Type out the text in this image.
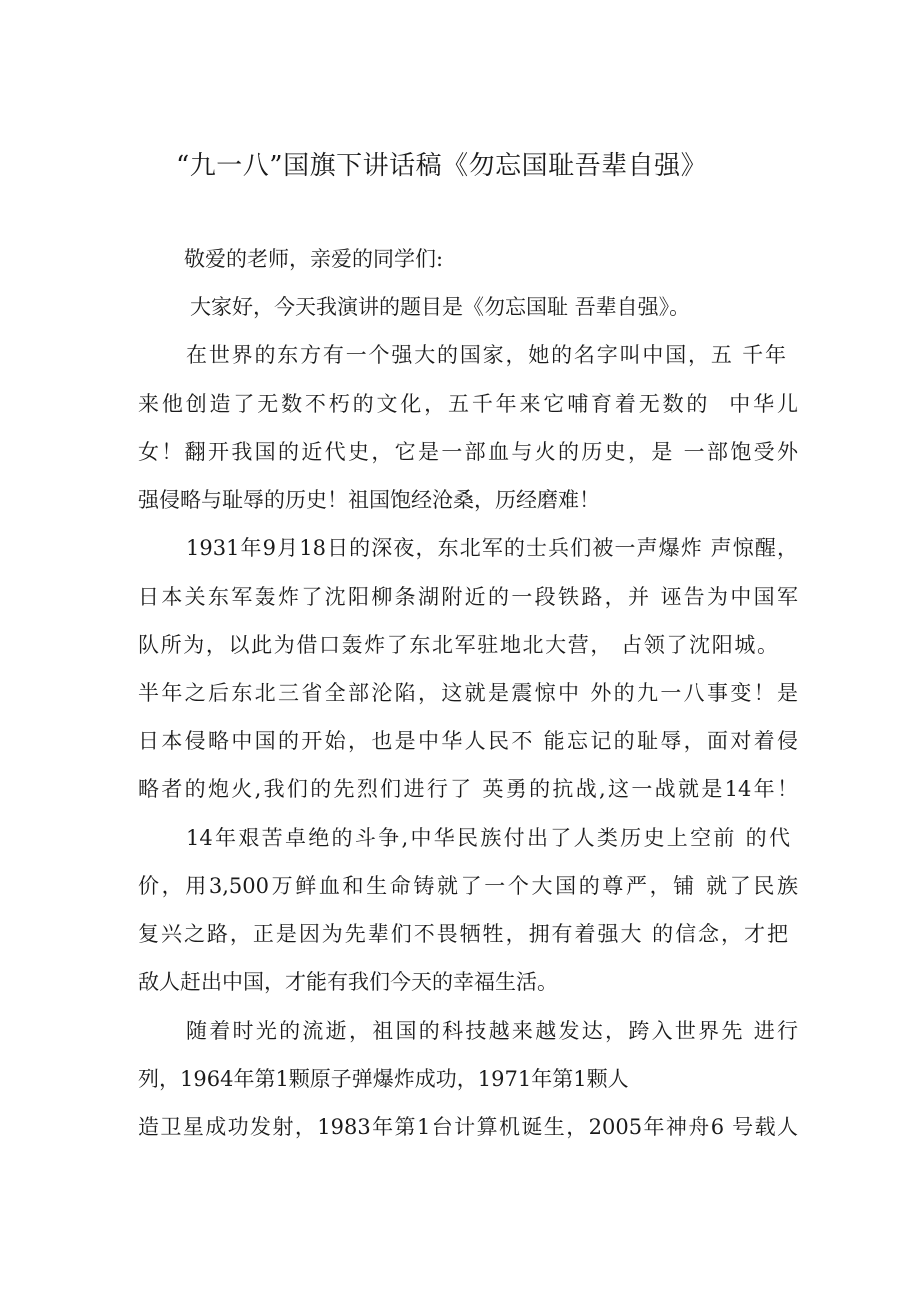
“九一八”国旗下讲话稿《勿忘国耻吾辈自强》
敬爱的老师，亲爱的同学们:
大家好，今天我演讲的题目是《勿忘国耻 吾辈自强》。
在世界的东方有一个强大的国家，她的名字叫中国，五 千年
来他创造了无数不朽的文化，五千年来它哺育着无数的  中华儿
女！翻开我国的近代史，它是一部血与火的历史，是 一部饱受外
强侵略与耻辱的历史！祖国饱经沧桑，历经磨难！
1931年9月18日的深夜，东北军的士兵们被一声爆炸 声惊醒，
日本关东军轰炸了沈阳柳条湖附近的一段铁路，并 诬告为中国军
队所为，以此为借口轰炸了东北军驻地北大营， 占领了沈阳城。
半年之后东北三省全部沦陷，这就是震惊中 外的九一八事变！是
日本侵略中国的开始，也是中华人民不 能忘记的耻辱，面对着侵
略者的炮火,我们的先烈们进行了 英勇的抗战,这一战就是14年！
14年艰苦卓绝的斗争,中华民族付出了人类历史上空前 的代
价，用3,500万鲜血和生命铸就了一个大国的尊严，铺 就了民族
复兴之路，正是因为先辈们不畏牺牲，拥有着强大 的信念，才把
敌人赶出中国，才能有我们今天的幸福生活。
随着时光的流逝，祖国的科技越来越发达，跨入世界先 进行
列，1964年第1颗原子弹爆炸成功，1971年第1颗人
造卫星成功发射，1983年第1台计算机诞生，2005年神舟6 号载人
